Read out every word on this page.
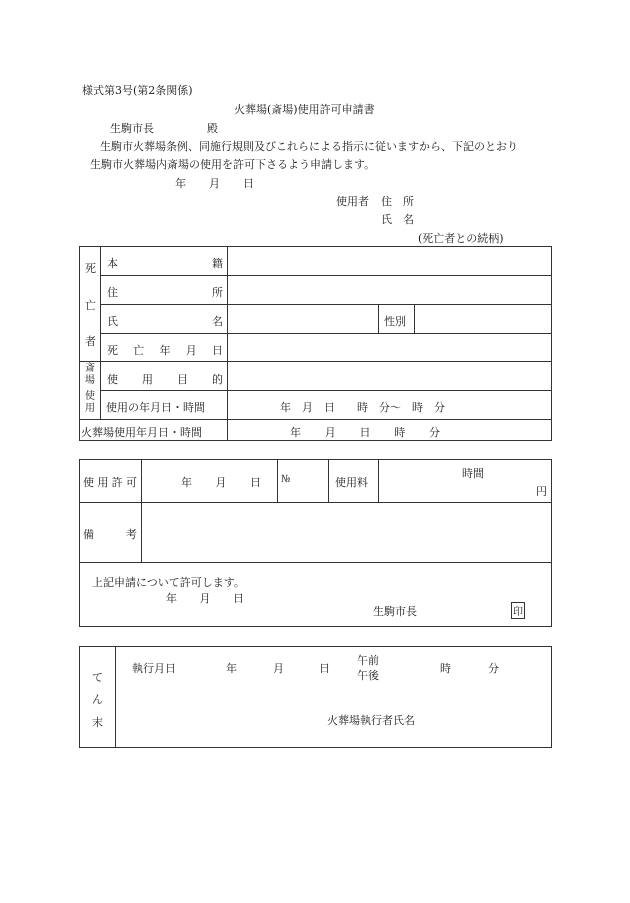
様式第3号(第2条関係)
火葬場(斎場)使用許可申請書
生駒市長	殿
生駒市火葬場条例、同施行規則及びこれらによる指示に従いますから、下記のとおり
生駒市火葬場内斎場の使用を許可下さるよう申請します。
年 月 日
使用者 住　所
氏　名
(死亡者との続柄)
死
亡
者
本	籍
住	所
氏	名	性別
死 亡 年 月 日
斎場
使用
使 用 目 的
使用の年月日・時間	年　月　日　　時　分〜　時　分
火葬場使用年月日・時間	年 月 日 時 分
使 用 許 可	年 月 日 №	使用料
時間
円
備	考
上記申請について許可します。
年 月 日
生駒市長	印
て
ん
末
執行月日	年	月	日
午前
午後
時	分
火葬場執行者氏名
